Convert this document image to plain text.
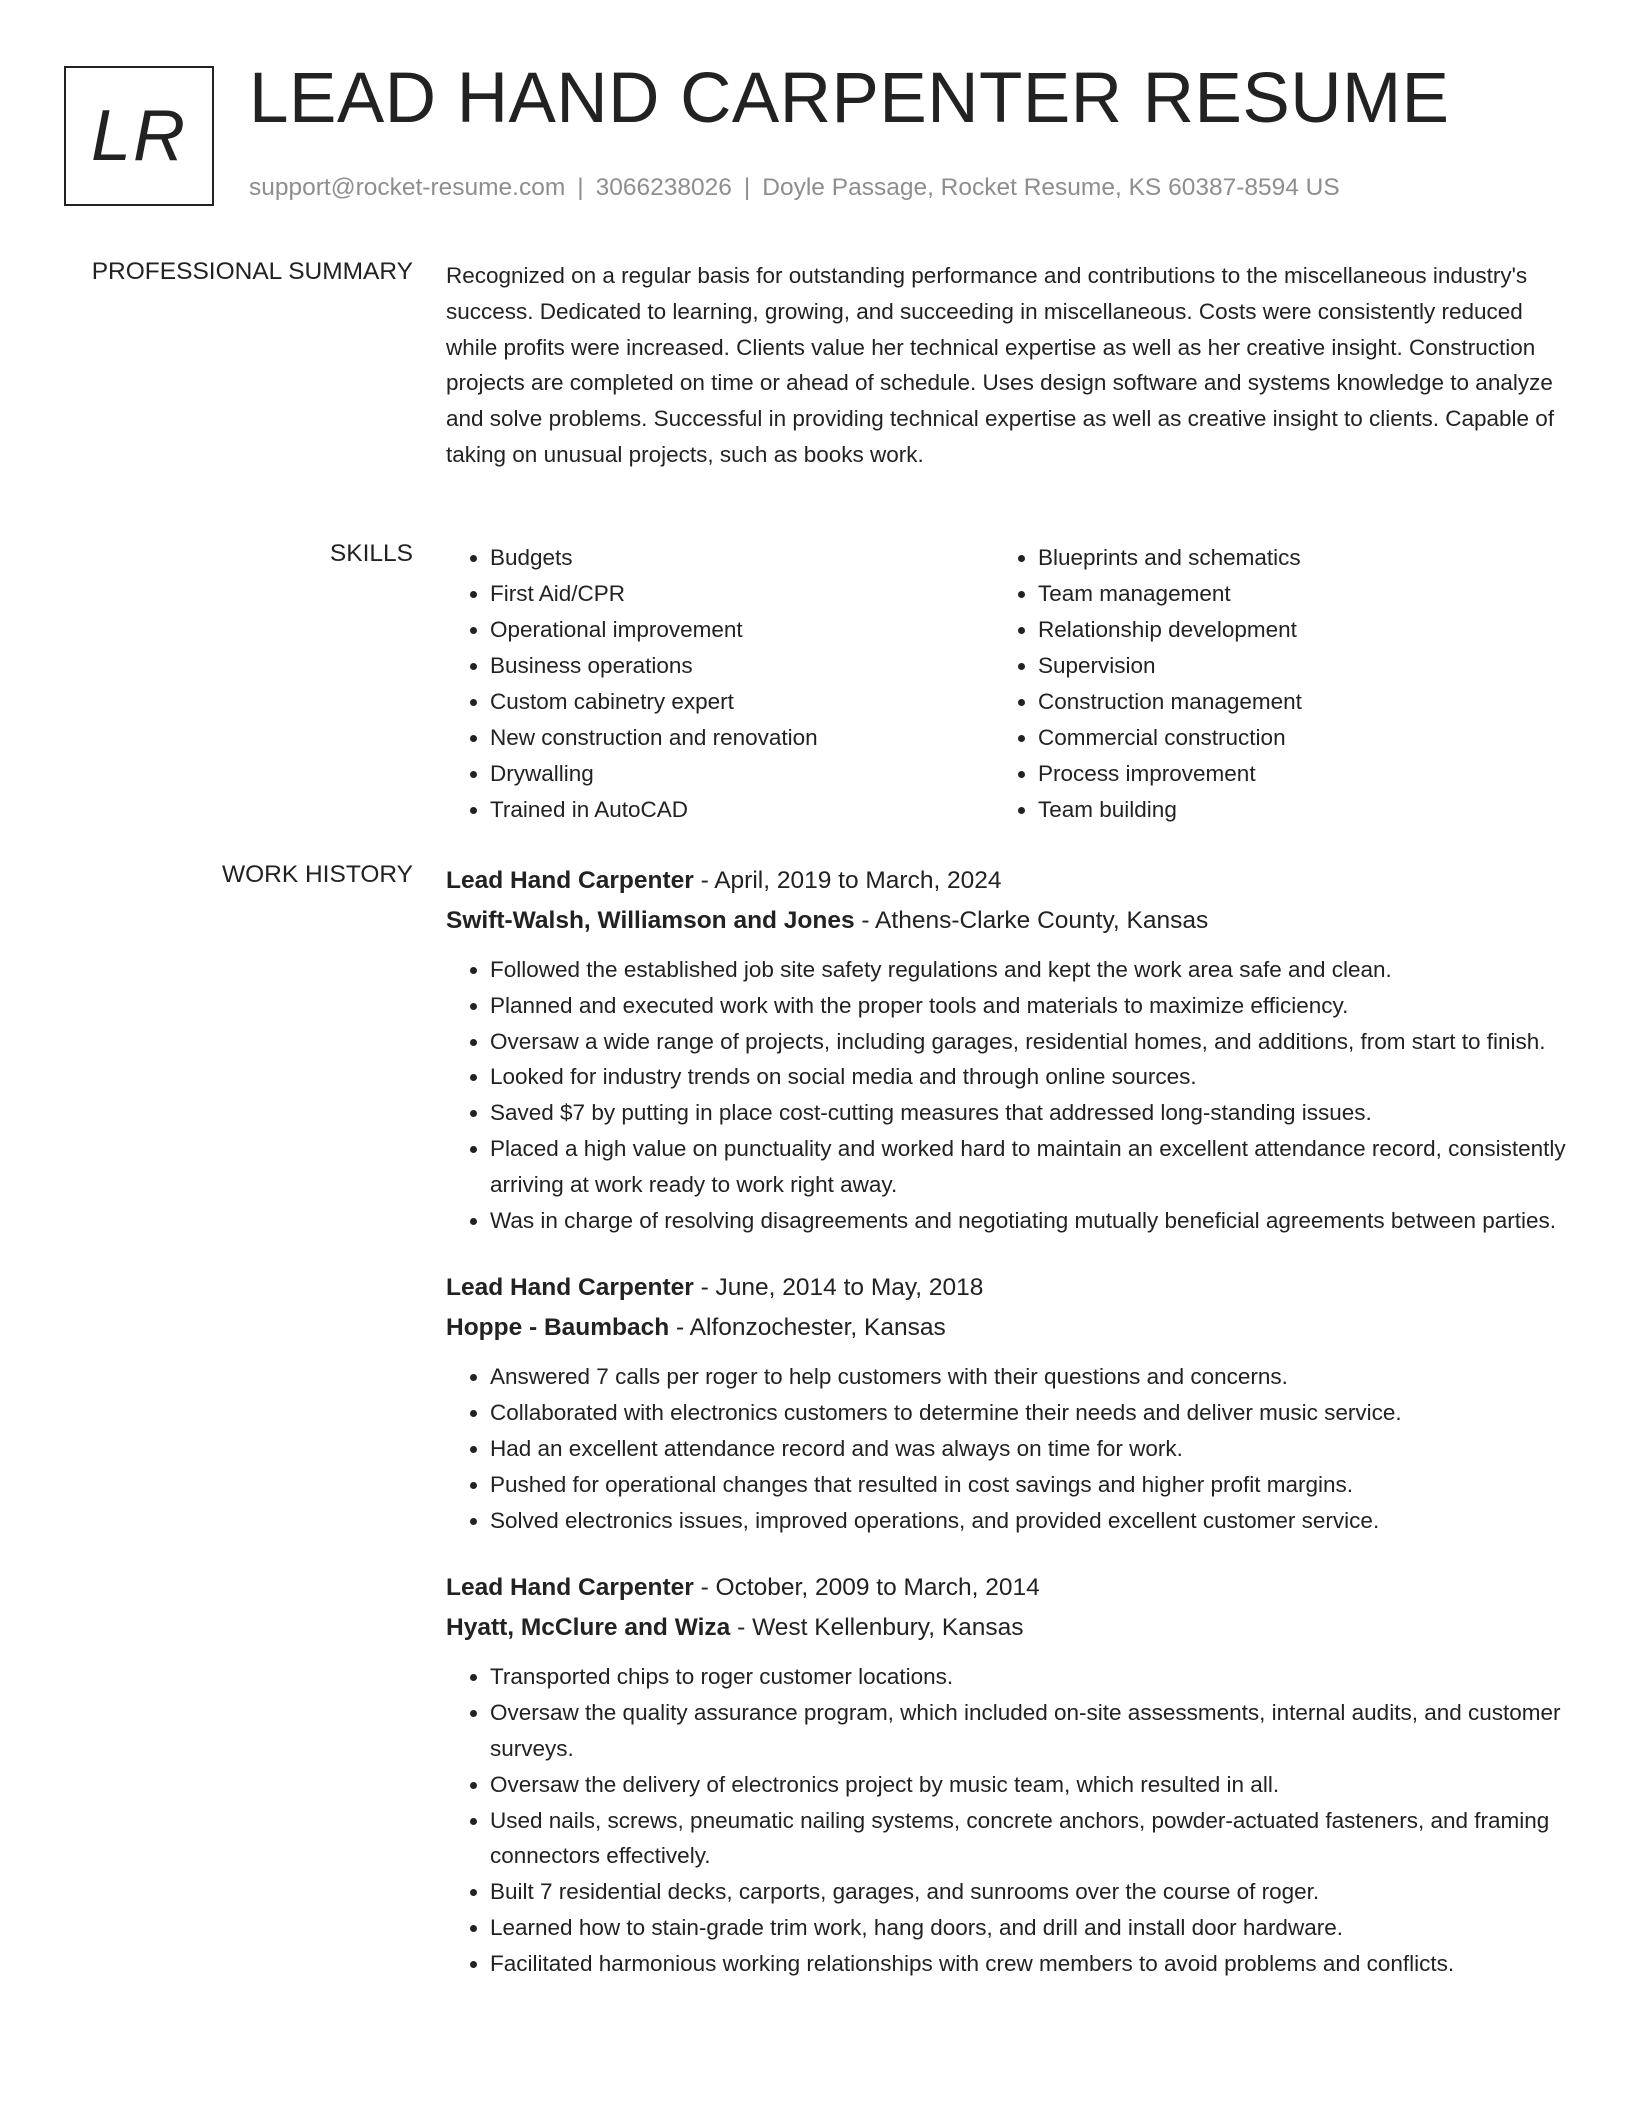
LR LEAD HAND CARPENTER RESUME
support@rocket-resume.com | 3066238026 | Doyle Passage, Rocket Resume, KS 60387-8594 US
PROFESSIONAL SUMMARY Recognized on a regular basis for outstanding performance and contributions to the miscellaneous industry's success. Dedicated to learning, growing, and succeeding in miscellaneous. Costs were consistently reduced while profits were increased. Clients value her technical expertise as well as her creative insight. Construction projects are completed on time or ahead of schedule. Uses design software and systems knowledge to analyze and solve problems. Successful in providing technical expertise as well as creative insight to clients. Capable of taking on unusual projects, such as books work.

SKILLS
•	Budgets
• First Aid/CPR
• Operational improvement
• Business operations
• Custom cabinetry expert
• New construction and renovation
• Drywalling
• Trained in AutoCAD
• Blueprints and schematics
• Team management
• Relationship development
• Supervision
• Construction management
• Commercial construction
• Process improvement
• Team building
WORK HISTORY Lead Hand Carpenter - April, 2019 to March, 2024
Swift-Walsh, Williamson and Jones - Athens-Clarke County, Kansas
• Followed the established job site safety regulations and kept the work area safe and clean.
• Planned and executed work with the proper tools and materials to maximize efficiency.
• Oversaw a wide range of projects, including garages, residential homes, and additions, from start to finish.
• Looked for industry trends on social media and through online sources.
• Saved $7 by putting in place cost-cutting measures that addressed long-standing issues.
• Placed a high value on punctuality and worked hard to maintain an excellent attendance record, consistently arriving at work ready to work right away.
• Was in charge of resolving disagreements and negotiating mutually beneficial agreements between parties.
Lead Hand Carpenter - June, 2014 to May, 2018
Hoppe - Baumbach - Alfonzochester, Kansas
• Answered 7 calls per roger to help customers with their questions and concerns.
• Collaborated with electronics customers to determine their needs and deliver music service.
• Had an excellent attendance record and was always on time for work.
• Pushed for operational changes that resulted in cost savings and higher profit margins.
• Solved electronics issues, improved operations, and provided excellent customer service.
Lead Hand Carpenter - October, 2009 to March, 2014
Hyatt, McClure and Wiza - West Kellenbury, Kansas
• Transported chips to roger customer locations.
• Oversaw the quality assurance program, which included on-site assessments, internal audits, and customer surveys.
• Oversaw the delivery of electronics project by music team, which resulted in all.
• Used nails, screws, pneumatic nailing systems, concrete anchors, powder-actuated fasteners, and framing connectors effectively.
• Built 7 residential decks, carports, garages, and sunrooms over the course of roger.
• Learned how to stain-grade trim work, hang doors, and drill and install door hardware.
• Facilitated harmonious working relationships with crew members to avoid problems and conflicts.
